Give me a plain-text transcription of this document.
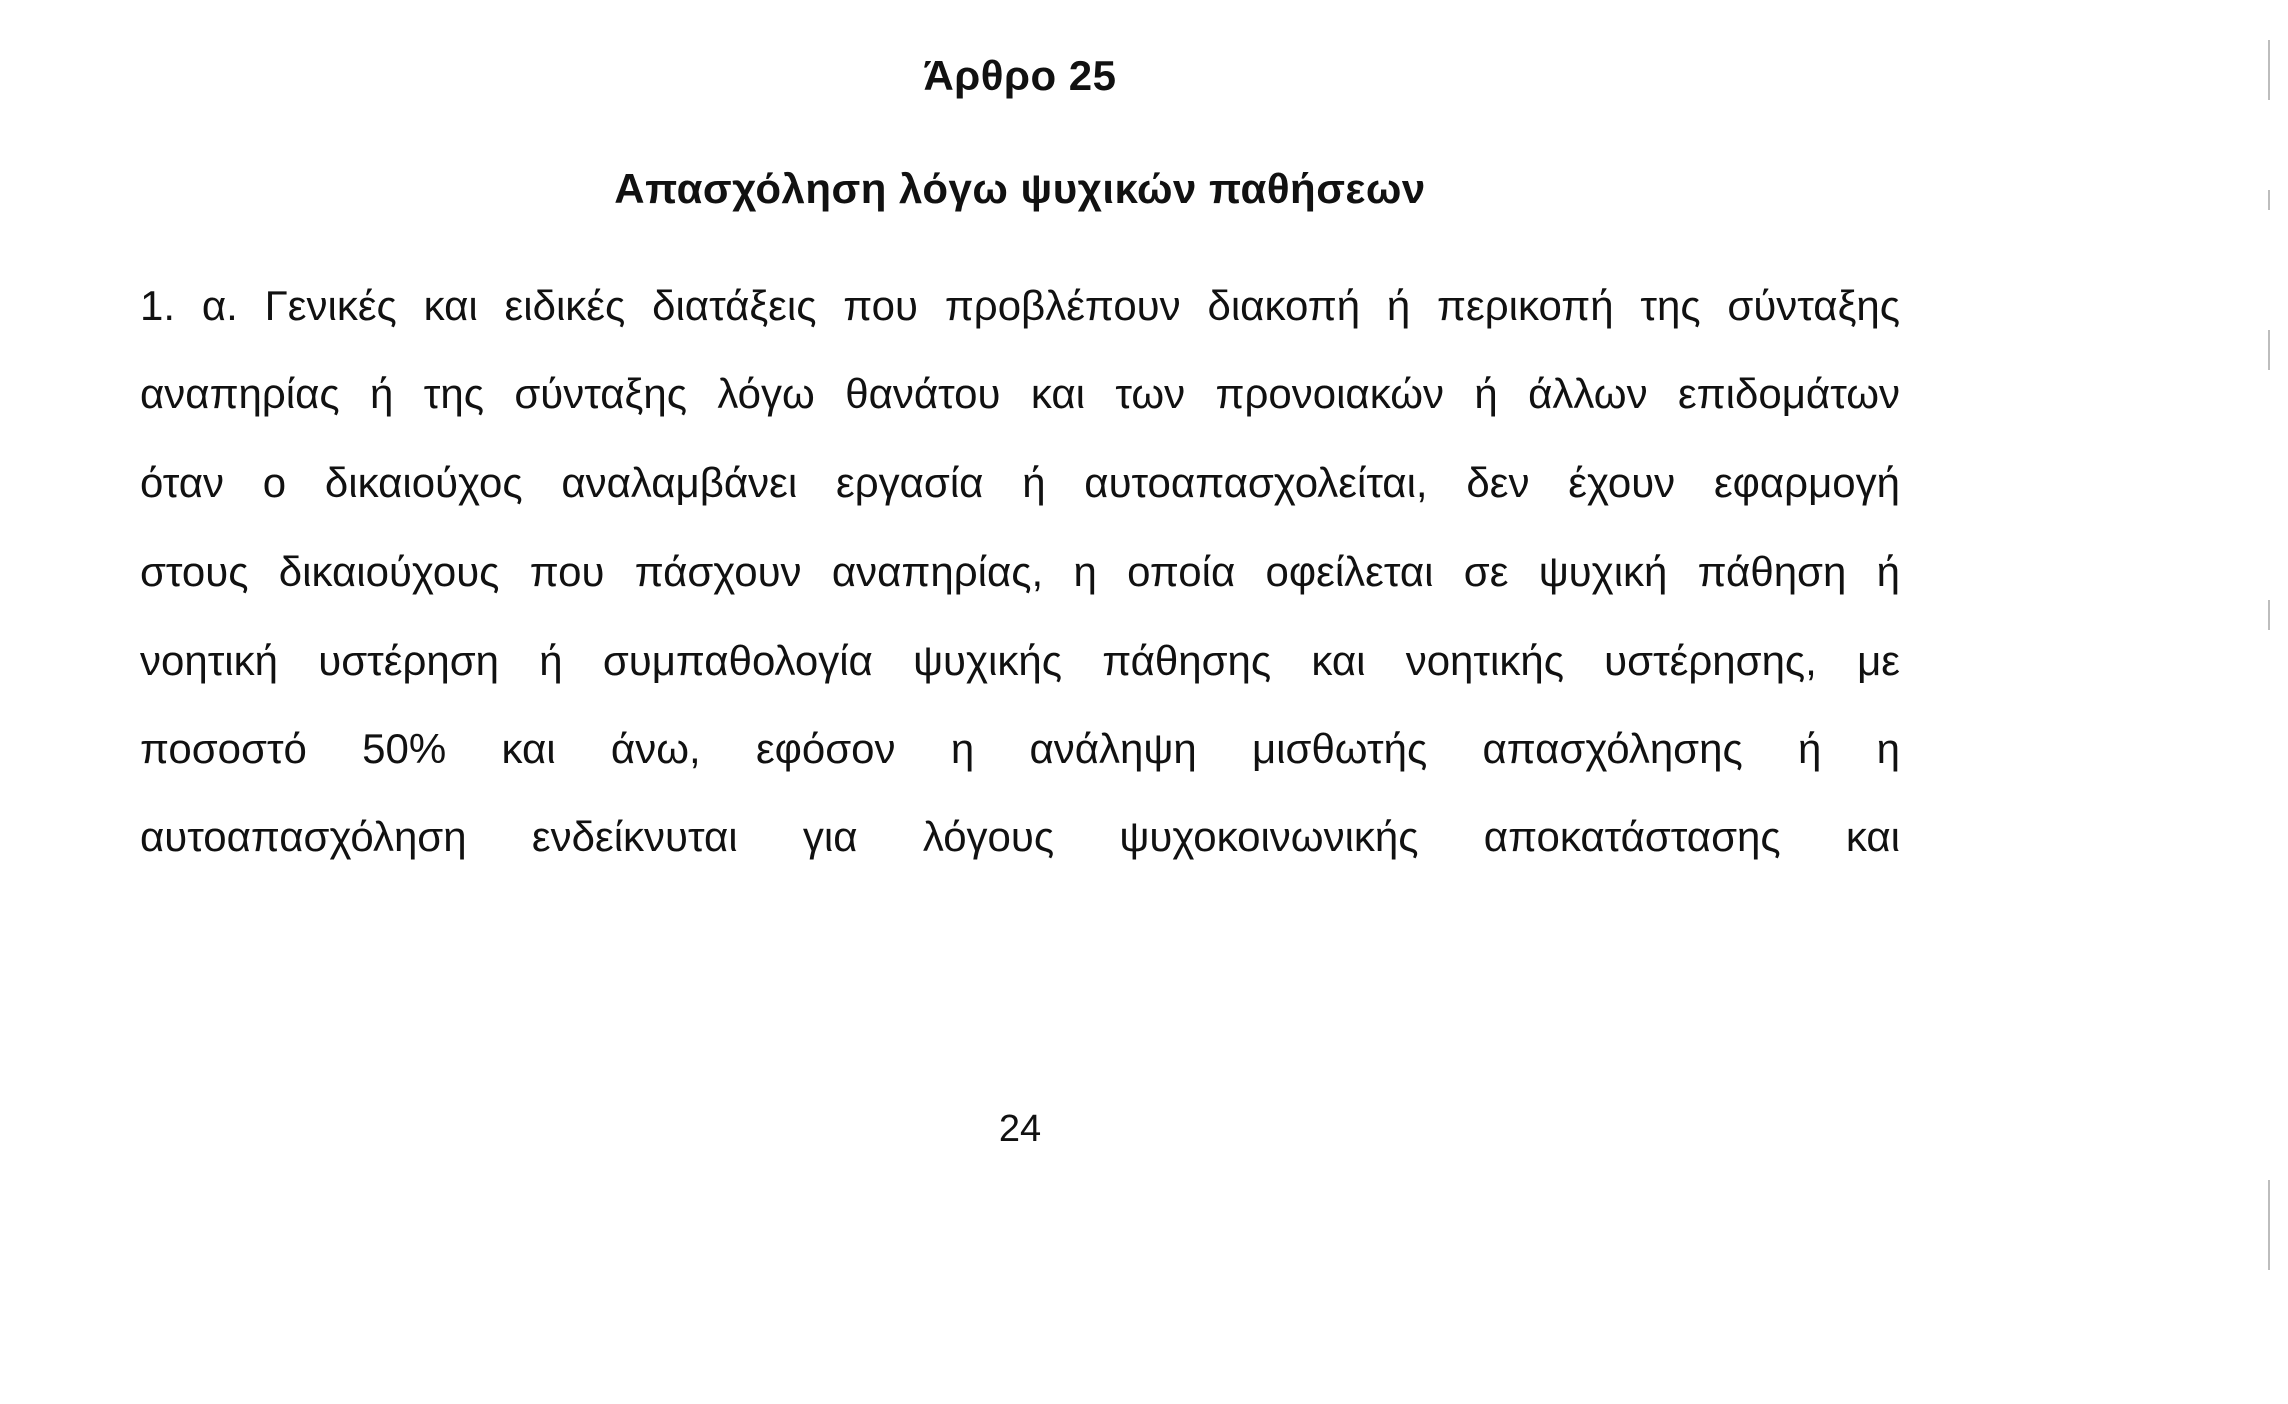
Άρθρο 25
Απασχόληση λόγω ψυχικών παθήσεων
1. α. Γενικές και ειδικές διατάξεις που προβλέπουν διακοπή ή περικοπή της σύνταξης
αναπηρίας ή της σύνταξης λόγω θανάτου και των προνοιακών ή άλλων επιδομάτων
όταν ο δικαιούχος αναλαμβάνει εργασία ή αυτοαπασχολείται, δεν έχουν εφαρμογή
στους δικαιούχους που πάσχουν αναπηρίας, η οποία οφείλεται σε ψυχική πάθηση ή
νοητική υστέρηση ή συμπαθολογία ψυχικής πάθησης και νοητικής υστέρησης, με
ποσοστό 50% και άνω, εφόσον η ανάληψη μισθωτής απασχόλησης ή η
αυτοαπασχόληση ενδείκνυται για λόγους ψυχοκοινωνικής αποκατάστασης και
24
